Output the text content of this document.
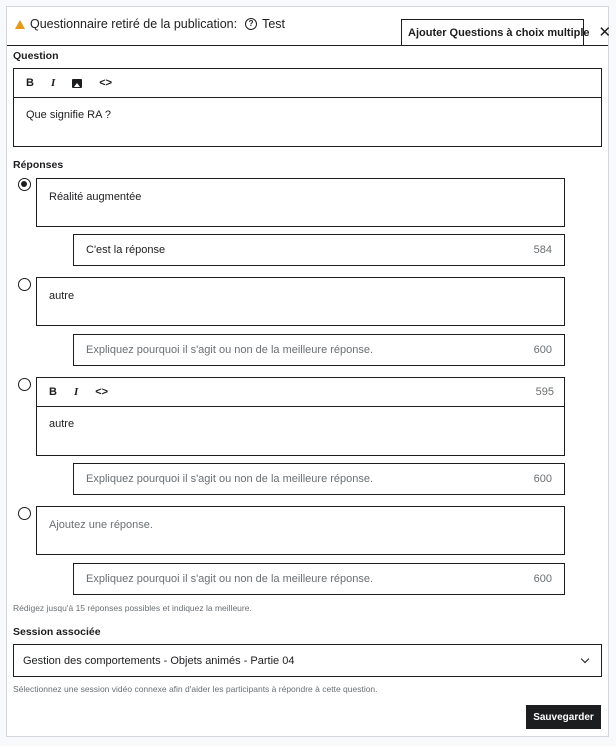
Questionnaire retiré de la publication:	? Test
Ajouter Questions à choix multiple ✕
Question
B I	<>
Que signifie RA ?
Réponses
Réalité augmentée
C'est la réponse	584
autre
Expliquez pourquoi il s'agit ou non de la meilleure réponse.	600
B I <>	595
autre
Expliquez pourquoi il s'agit ou non de la meilleure réponse.	600
Ajoutez une réponse.
Expliquez pourquoi il s'agit ou non de la meilleure réponse.	600
Rédigez jusqu'à 15 réponses possibles et indiquez la meilleure.
Session associée
Gestion des comportements - Objets animés - Partie 04
Sélectionnez une session vidéo connexe afin d'aider les participants à répondre à cette question.
Sauvegarder
